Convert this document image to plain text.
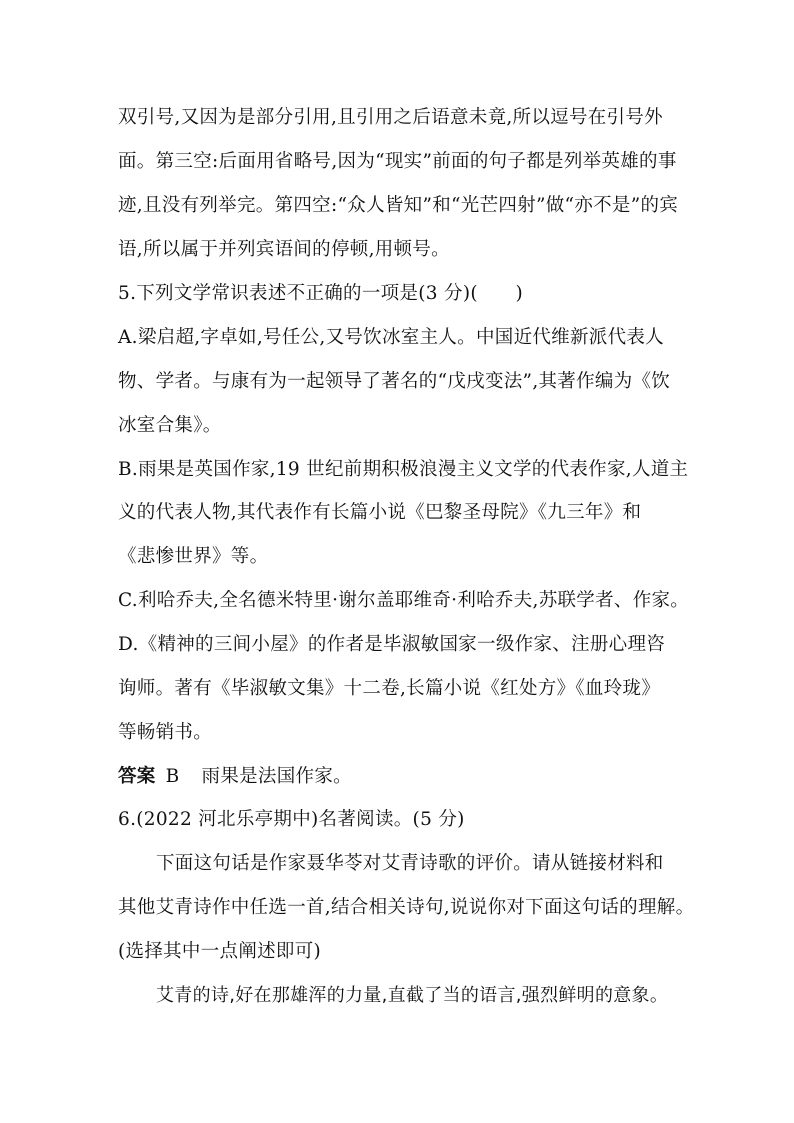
双引号,又因为是部分引用,且引用之后语意未竟,所以逗号在引号外
面。第三空:后面用省略号,因为“现实”前面的句子都是列举英雄的事
迹,且没有列举完。第四空:“众人皆知”和“光芒四射”做“亦不是”的宾
语,所以属于并列宾语间的停顿,用顿号。
5.下列文学常识表述不正确的一项是(3 分)(　　)
A.梁启超,字卓如,号任公,又号饮冰室主人。中国近代维新派代表人
物、学者。与康有为一起领导了著名的“戊戌变法”,其著作编为《饮
冰室合集》。
B.雨果是英国作家,19 世纪前期积极浪漫主义文学的代表作家,人道主
义的代表人物,其代表作有长篇小说《巴黎圣母院》《九三年》和
《悲惨世界》等。
C.利哈乔夫,全名德米特里·谢尔盖耶维奇·利哈乔夫,苏联学者、作家。
D.《精神的三间小屋》的作者是毕淑敏国家一级作家、注册心理咨
询师。著有《毕淑敏文集》十二卷,长篇小说《红处方》《血玲珑》
等畅销书。
答案 B 雨果是法国作家。
6.(2022 河北乐亭期中)名著阅读。(5 分)
下面这句话是作家聂华苓对艾青诗歌的评价。请从链接材料和
其他艾青诗作中任选一首,结合相关诗句,说说你对下面这句话的理解。
(选择其中一点阐述即可)
艾青的诗,好在那雄浑的力量,直截了当的语言,强烈鲜明的意象。
